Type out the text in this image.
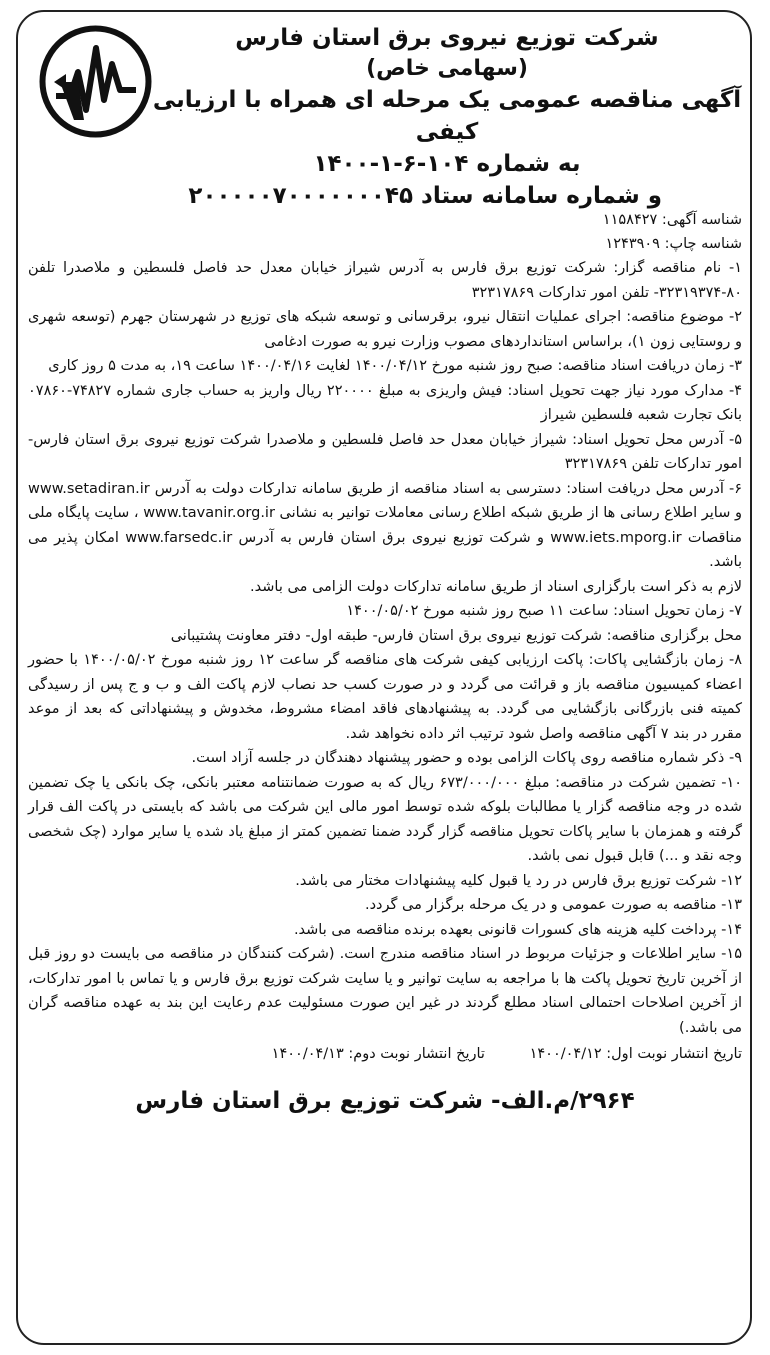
شرکت توزیع نیروی برق استان فارس
(سهامی خاص)
آگهی مناقصه عمومی یک مرحله ای همراه با ارزیابی کیفی
به شماره ۱۰۴-۶-۱-۱۴۰۰
و شماره سامانه ستاد ۲۰۰۰۰۰۷۰۰۰۰۰۰۰۴۵
شناسه آگهی: ۱۱۵۸۴۲۷
شناسه چاپ: ۱۲۴۳۹۰۹

۱- نام مناقصه گزار: شرکت توزیع برق فارس به آدرس شیراز خیابان معدل حد فاصل فلسطین و ملاصدرا تلفن ۸۰-۳۲۳۱۹۳۷۴- تلفن امور تدارکات ۳۲۳۱۷۸۶۹

۲- موضوع مناقصه: اجرای عملیات انتقال نیرو، برقرسانی و توسعه شبکه های توزیع در شهرستان جهرم (توسعه شهری و روستایی زون ۱)، براساس استانداردهای مصوب وزارت نیرو به صورت ادغامی

۳- زمان دریافت اسناد مناقصه: صبح روز شنبه مورخ ۱۴۰۰/۰۴/۱۲ لغایت ۱۴۰۰/۰۴/۱۶ ساعت ۱۹، به مدت ۵ روز کاری

۴- مدارک مورد نیاز جهت تحویل اسناد: فیش واریزی به مبلغ ۲۲۰۰۰۰ ریال واریز به حساب جاری شماره ۷۴۸۲۷-۰۷۸۶۰ بانک تجارت شعبه فلسطین شیراز

۵- آدرس محل تحویل اسناد: شیراز خیابان معدل حد فاصل فلسطین و ملاصدرا شرکت توزیع نیروی برق استان فارس- امور تدارکات تلفن ۳۲۳۱۷۸۶۹

۶- آدرس محل دریافت اسناد: دسترسی به اسناد مناقصه از طریق سامانه تدارکات دولت به آدرس www.setadiran.ir و سایر اطلاع رسانی ها از طریق شبکه اطلاع رسانی معاملات توانیر به نشانی www.tavanir.org.ir ، سایت پایگاه ملی مناقصات www.iets.mporg.ir و شرکت توزیع نیروی برق استان فارس به آدرس www.farsedc.ir امکان پذیر می باشد.

لازم به ذکر است بارگزاری اسناد از طریق سامانه تدارکات دولت الزامی می باشد.

۷- زمان تحویل اسناد: ساعت ۱۱ صبح روز شنبه مورخ ۱۴۰۰/۰۵/۰۲

محل برگزاری مناقصه: شرکت توزیع نیروی برق استان فارس- طبقه اول- دفتر معاونت پشتیبانی

۸- زمان بازگشایی پاکات: پاکت ارزیابی کیفی شرکت های مناقصه گر ساعت ۱۲ روز شنبه مورخ ۱۴۰۰/۰۵/۰۲ با حضور اعضاء کمیسیون مناقصه باز و قرائت می گردد و در صورت کسب حد نصاب لازم پاکت الف و ب و ج پس از رسیدگی کمیته فنی بازرگانی بازگشایی می گردد. به پیشنهادهای فاقد امضاء مشروط، مخدوش و پیشنهاداتی که بعد از موعد مقرر در بند ۷ آگهی مناقصه واصل شود ترتیب اثر داده نخواهد شد.

۹- ذکر شماره مناقصه روی پاکات الزامی بوده و حضور پیشنهاد دهندگان در جلسه آزاد است.

۱۰- تضمین شرکت در مناقصه: مبلغ ۶۷۳/۰۰۰/۰۰۰ ریال که به صورت ضمانتنامه معتبر بانکی، چک بانکی یا چک تضمین شده در وجه مناقصه گزار یا مطالبات بلوکه شده توسط امور مالی این شرکت می باشد که بایستی در پاکت الف قرار گرفته و همزمان با سایر پاکات تحویل مناقصه گزار گردد ضمنا تضمین کمتر از مبلغ یاد شده یا سایر موارد (چک شخصی وجه نقد و ...) قابل قبول نمی باشد.

۱۲- شرکت توزیع برق فارس در رد یا قبول کلیه پیشنهادات مختار می باشد.

۱۳- مناقصه به صورت عمومی و در یک مرحله برگزار می گردد.

۱۴- پرداخت کلیه هزینه های کسورات قانونی بعهده برنده مناقصه می باشد.

۱۵- سایر اطلاعات و جزئیات مربوط در اسناد مناقصه مندرج است. (شرکت کنندگان در مناقصه می بایست دو روز قبل از آخرین تاریخ تحویل پاکت ها با مراجعه به سایت توانیر و یا سایت شرکت توزیع برق فارس و یا تماس با امور تدارکات، از آخرین اصلاحات احتمالی اسناد مطلع گردند در غیر این صورت مسئولیت عدم رعایت این بند به عهده مناقصه گران می باشد.)

تاریخ انتشار نوبت اول: ۱۴۰۰/۰۴/۱۲ تاریخ انتشار نوبت دوم: ۱۴۰۰/۰۴/۱۳
۲۹۶۴/م.الف- شرکت توزیع برق استان فارس
